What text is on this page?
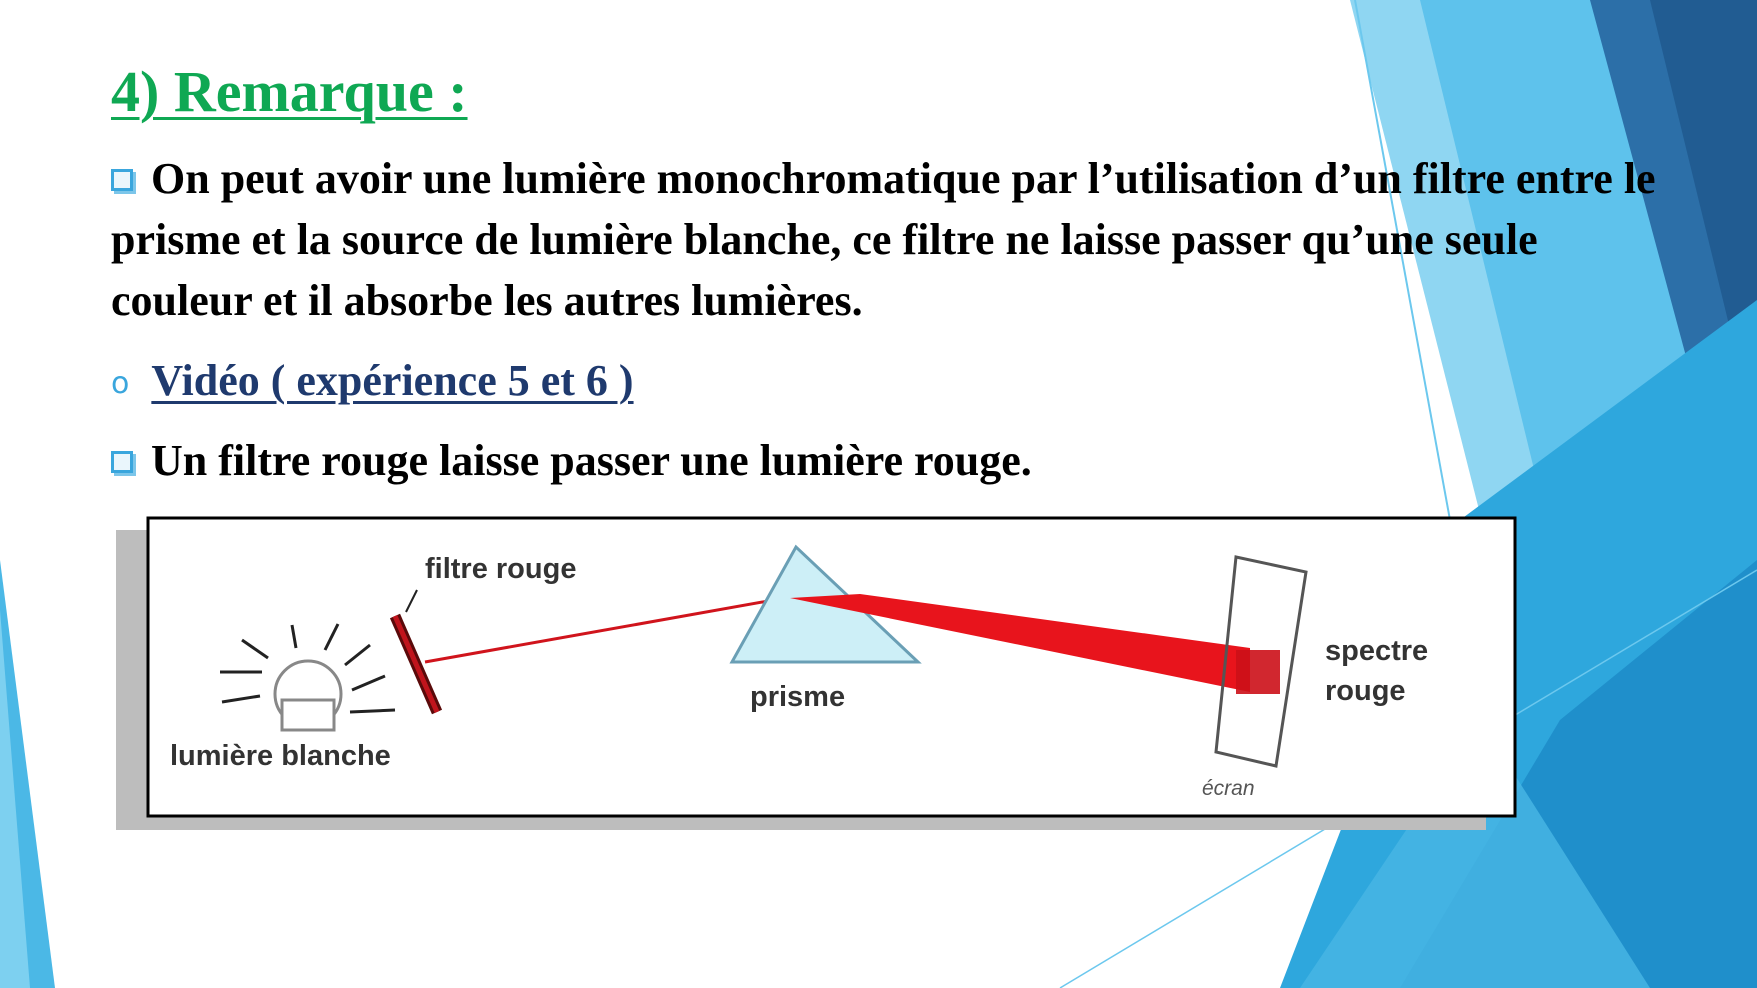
4) Remarque :

On peut avoir une lumière monochromatique par l’utilisation d’un filtre entre le prisme et la source de lumière blanche, ce filtre ne laisse passer qu’une seule couleur et il absorbe les autres lumières.

o Vidéo ( expérience 5 et 6 )

Un filtre rouge laisse passer une lumière rouge.

filtre rouge
prisme
spectre
rouge
lumière blanche
écran
